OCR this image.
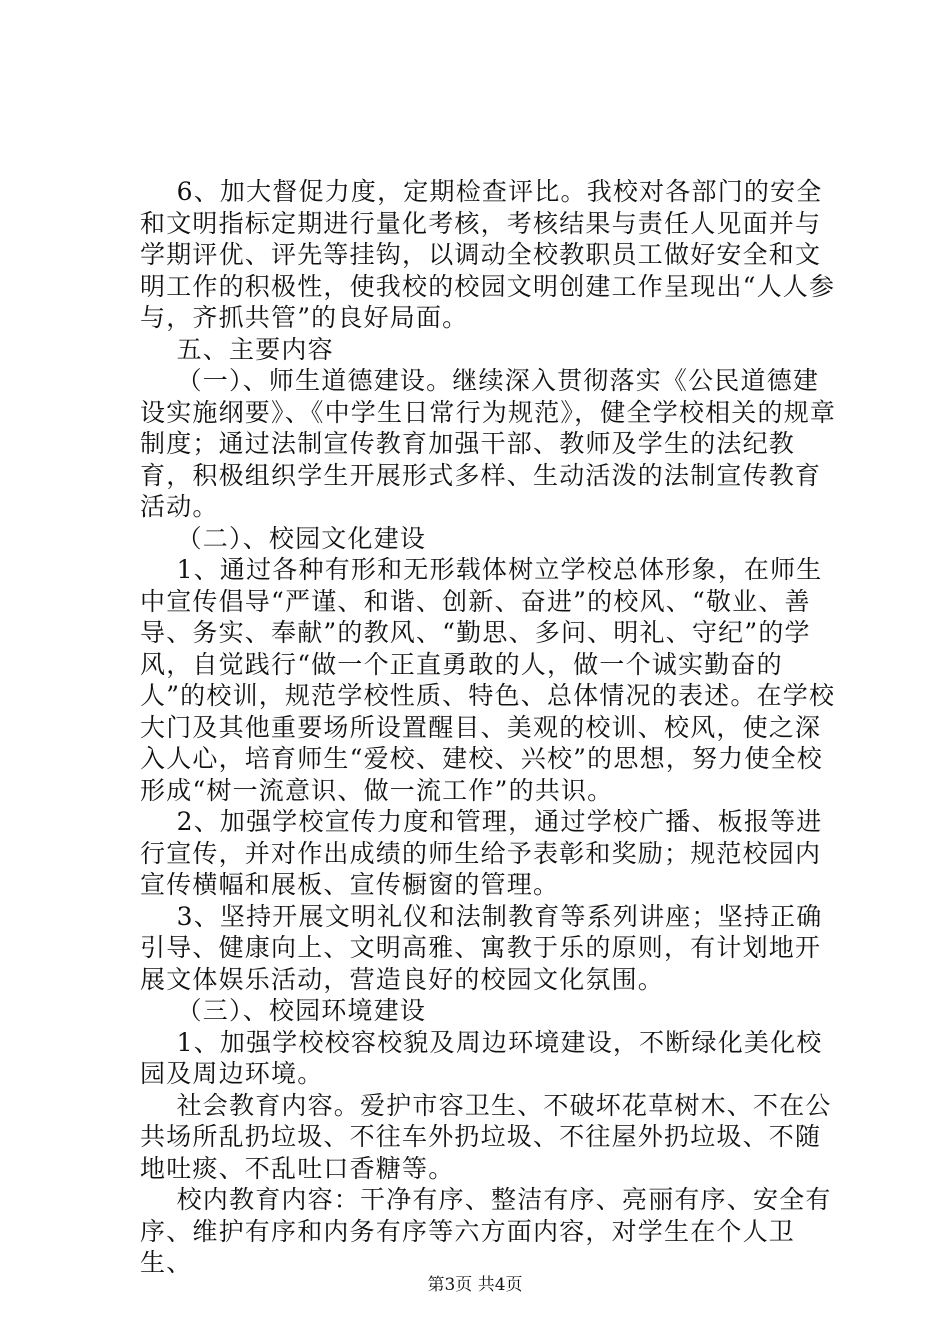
6、加大督促力度，定期检查评比。我校对各部门的安全和文明指标定期进行量化考核，考核结果与责任人见面并与学期评优、评先等挂钩，以调动全校教职员工做好安全和文明工作的积极性，使我校的校园文明创建工作呈现出“人人参与，齐抓共管”的良好局面。

五、主要内容

（一）、师生道德建设。继续深入贯彻落实《公民道德建设实施纲要》、《中学生日常行为规范》，健全学校相关的规章制度；通过法制宣传教育加强干部、教师及学生的法纪教育，积极组织学生开展形式多样、生动活泼的法制宣传教育活动。

（二）、校园文化建设

1、通过各种有形和无形载体树立学校总体形象，在师生中宣传倡导“严谨、和谐、创新、奋进”的校风、“敬业、善导、务实、奉献”的教风、“勤思、多问、明礼、守纪”的学风，自觉践行“做一个正直勇敢的人，做一个诚实勤奋的人”的校训，规范学校性质、特色、总体情况的表述。在学校大门及其他重要场所设置醒目、美观的校训、校风，使之深入人心，培育师生“爱校、建校、兴校”的思想，努力使全校形成“树一流意识、做一流工作”的共识。

2、加强学校宣传力度和管理，通过学校广播、板报等进行宣传，并对作出成绩的师生给予表彰和奖励；规范校园内宣传横幅和展板、宣传橱窗的管理。

3、坚持开展文明礼仪和法制教育等系列讲座；坚持正确引导、健康向上、文明高雅、寓教于乐的原则，有计划地开展文体娱乐活动，营造良好的校园文化氛围。

（三）、校园环境建设

1、加强学校校容校貌及周边环境建设，不断绿化美化校园及周边环境。

社会教育内容。爱护市容卫生、不破坏花草树木、不在公共场所乱扔垃圾、不往车外扔垃圾、不往屋外扔垃圾、不随地吐痰、不乱吐口香糖等。

校内教育内容：干净有序、整洁有序、亮丽有序、安全有序、维护有序和内务有序等六方面内容，对学生在个人卫生、

第3页 共4页
